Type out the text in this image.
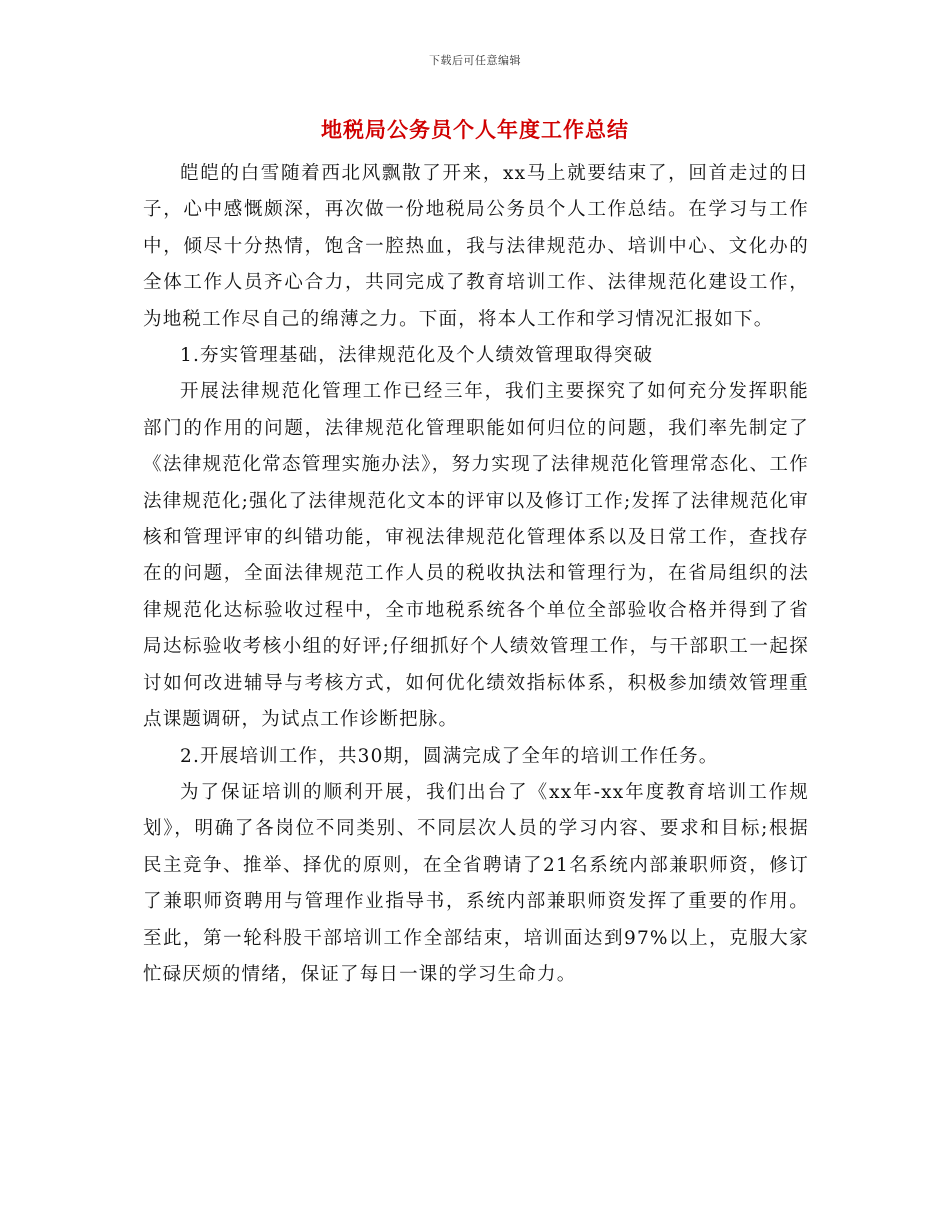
下载后可任意编辑
地税局公务员个人年度工作总结

皑皑的白雪随着西北风飘散了开来，xx马上就要结束了，回首走过的日子，心中感慨颇深，再次做一份地税局公务员个人工作总结。在学习与工作中，倾尽十分热情，饱含一腔热血，我与法律规范办、培训中心、文化办的全体工作人员齐心合力，共同完成了教育培训工作、法律规范化建设工作，为地税工作尽自己的绵薄之力。下面，将本人工作和学习情况汇报如下。

1.夯实管理基础，法律规范化及个人绩效管理取得突破

开展法律规范化管理工作已经三年，我们主要探究了如何充分发挥职能部门的作用的问题，法律规范化管理职能如何归位的问题，我们率先制定了《法律规范化常态管理实施办法》，努力实现了法律规范化管理常态化、工作法律规范化;强化了法律规范化文本的评审以及修订工作;发挥了法律规范化审核和管理评审的纠错功能，审视法律规范化管理体系以及日常工作，查找存在的问题，全面法律规范工作人员的税收执法和管理行为，在省局组织的法律规范化达标验收过程中，全市地税系统各个单位全部验收合格并得到了省局达标验收考核小组的好评;仔细抓好个人绩效管理工作，与干部职工一起探讨如何改进辅导与考核方式，如何优化绩效指标体系，积极参加绩效管理重点课题调研，为试点工作诊断把脉。

2.开展培训工作，共30期，圆满完成了全年的培训工作任务。

为了保证培训的顺利开展，我们出台了《xx年-xx年度教育培训工作规划》，明确了各岗位不同类别、不同层次人员的学习内容、要求和目标;根据民主竞争、推举、择优的原则，在全省聘请了21名系统内部兼职师资，修订了兼职师资聘用与管理作业指导书，系统内部兼职师资发挥了重要的作用。至此，第一轮科股干部培训工作全部结束，培训面达到97%以上，克服大家忙碌厌烦的情绪，保证了每日一课的学习生命力。
